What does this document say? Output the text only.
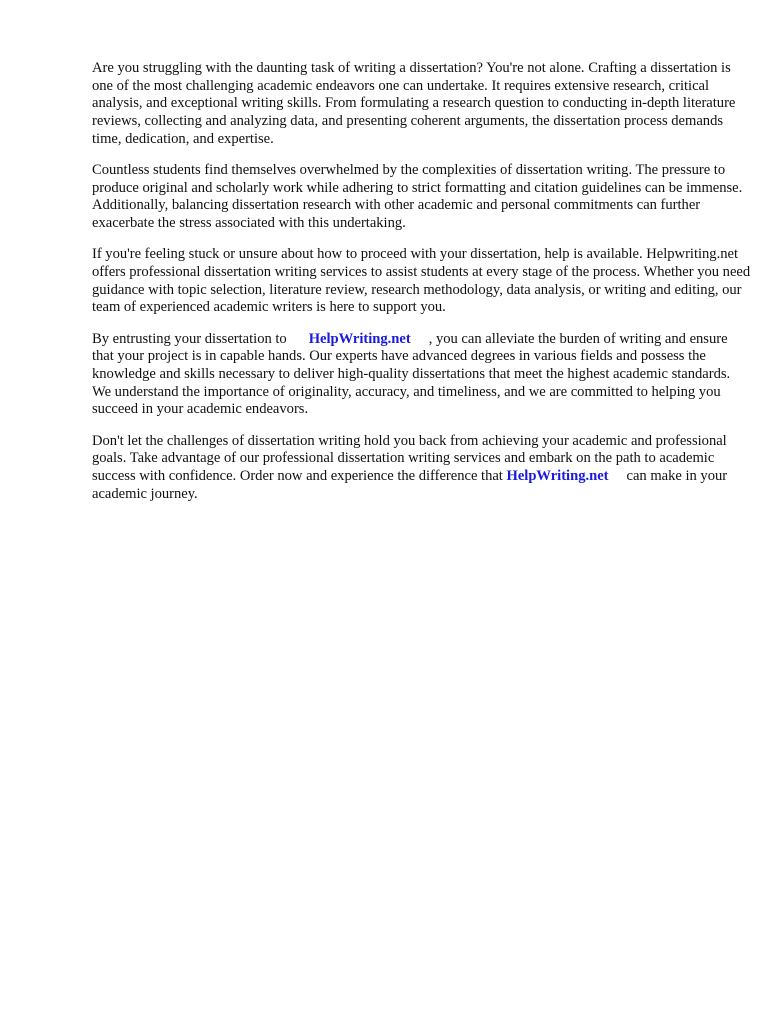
Are you struggling with the daunting task of writing a dissertation? You're not alone. Crafting a dissertation is one of the most challenging academic endeavors one can undertake. It requires extensive research, critical analysis, and exceptional writing skills. From formulating a research question to conducting in-depth literature reviews, collecting and analyzing data, and presenting coherent arguments, the dissertation process demands time, dedication, and expertise.

Countless students find themselves overwhelmed by the complexities of dissertation writing. The pressure to produce original and scholarly work while adhering to strict formatting and citation guidelines can be immense. Additionally, balancing dissertation research with other academic and personal commitments can further exacerbate the stress associated with this undertaking.

If you're feeling stuck or unsure about how to proceed with your dissertation, help is available. Helpwriting.net offers professional dissertation writing services to assist students at every stage of the process. Whether you need guidance with topic selection, literature review, research methodology, data analysis, or writing and editing, our team of experienced academic writers is here to support you.

By entrusting your dissertation to HelpWriting.net , you can alleviate the burden of writing and ensure that your project is in capable hands. Our experts have advanced degrees in various fields and possess the knowledge and skills necessary to deliver high-quality dissertations that meet the highest academic standards. We understand the importance of originality, accuracy, and timeliness, and we are committed to helping you succeed in your academic endeavors.

Don't let the challenges of dissertation writing hold you back from achieving your academic and professional goals. Take advantage of our professional dissertation writing services and embark on the path to academic success with confidence. Order now and experience the difference that HelpWriting.net can make in your academic journey.
